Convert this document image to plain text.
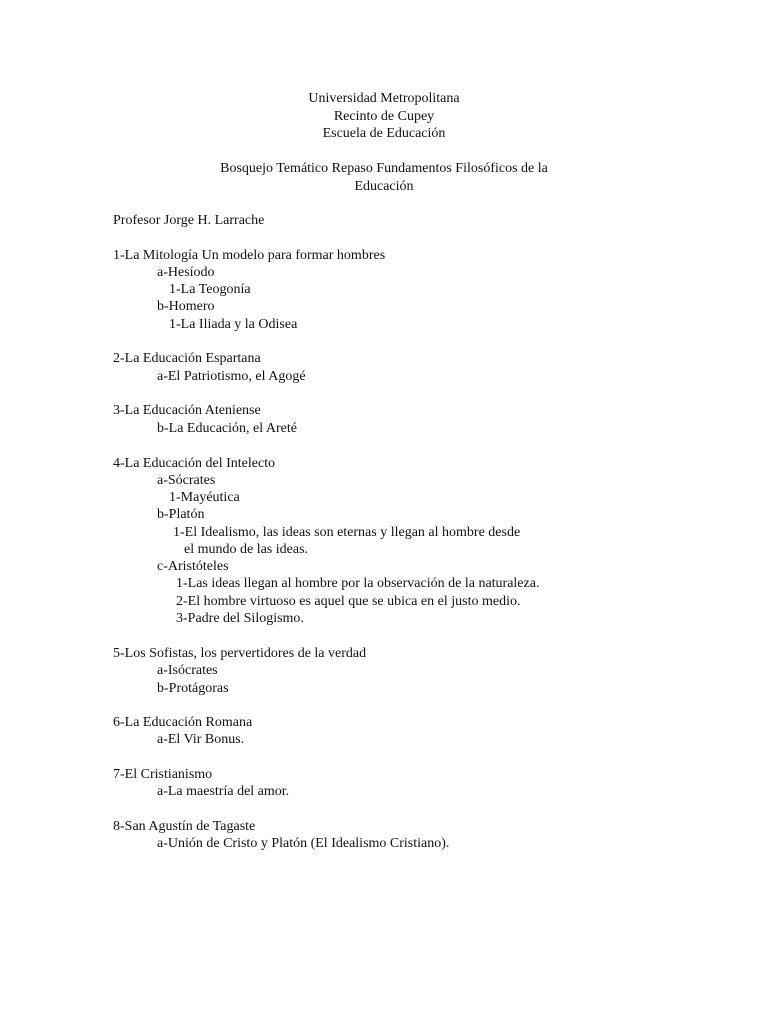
Universidad Metropolitana

Recinto de Cupey

Escuela de Educación

Bosquejo Temático Repaso Fundamentos Filosóficos de la

Educación

Profesor Jorge H. Larrache

1-La Mitología Un modelo para formar hombres

a-Hesíodo

1-La Teogonía

b-Homero

1-La Iliada y la Odisea

2-La Educación Espartana

a-El Patriotismo, el Agogé

3-La Educación Ateniense

b-La Educación, el Areté

4-La Educación del Intelecto

a-Sócrates

1-Mayéutica

b-Platón

1-El Idealismo, las ideas son eternas y llegan al hombre desde

el mundo de las ideas.

c-Aristóteles

1-Las ideas llegan al hombre por la observación de la naturaleza.

2-El hombre virtuoso es aquel que se ubica en el justo medio.

3-Padre del Silogismo.

5-Los Sofistas, los pervertidores de la verdad

a-Isócrates

b-Protágoras

6-La Educación Romana

a-El Vir Bonus.

7-El Cristianismo

a-La maestría del amor.

8-San Agustín de Tagaste

a-Unión de Cristo y Platón (El Idealismo Cristiano).
